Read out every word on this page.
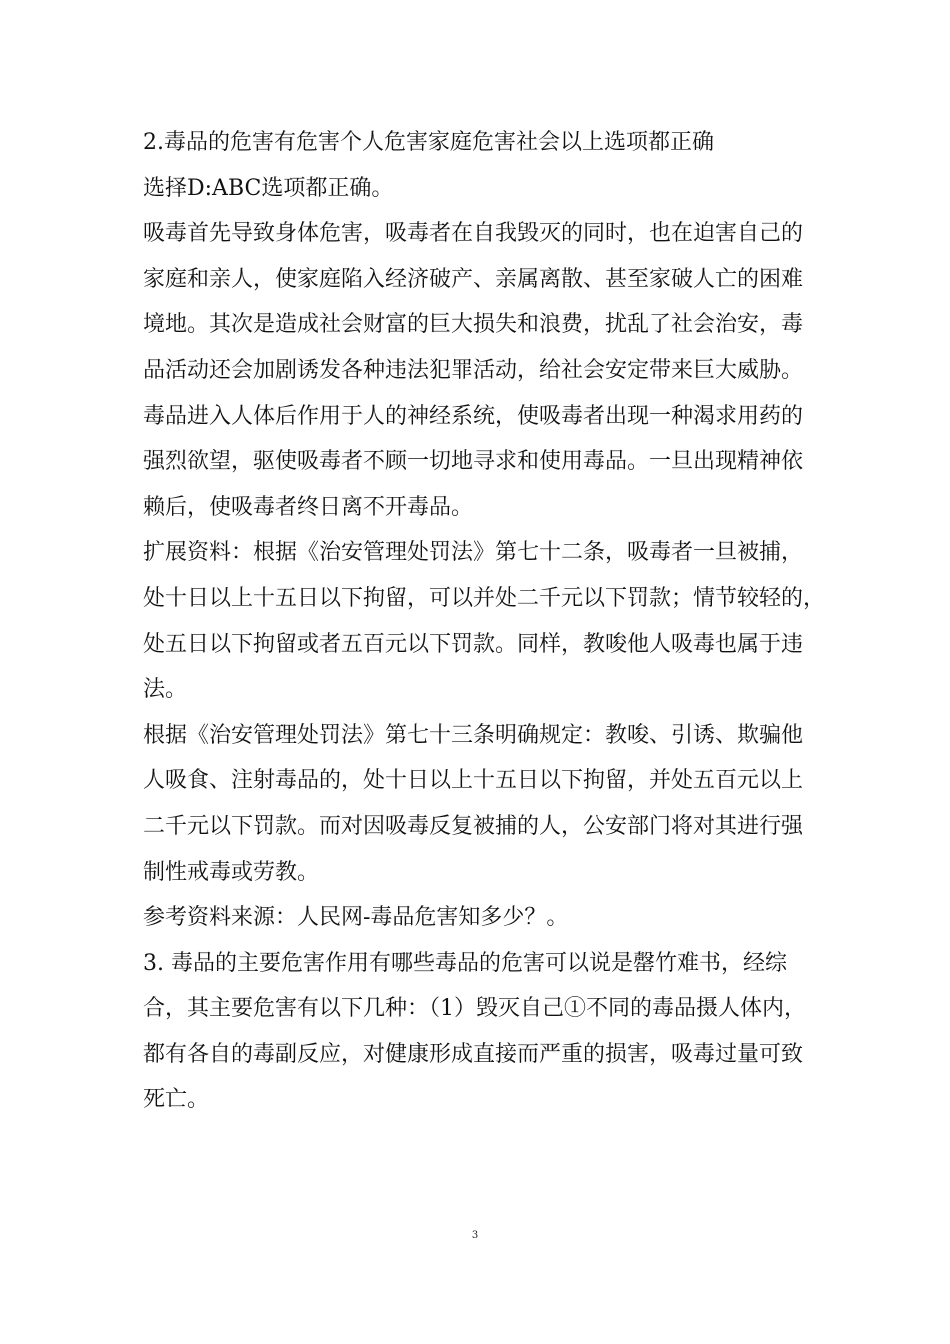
2.毒品的危害有危害个人危害家庭危害社会以上选项都正确
选择D:ABC选项都正确。
吸毒首先导致身体危害，吸毒者在自我毁灭的同时，也在迫害自己的
家庭和亲人，使家庭陷入经济破产、亲属离散、甚至家破人亡的困难
境地。其次是造成社会财富的巨大损失和浪费，扰乱了社会治安，毒
品活动还会加剧诱发各种违法犯罪活动，给社会安定带来巨大威胁。
毒品进入人体后作用于人的神经系统，使吸毒者出现一种渴求用药的
强烈欲望，驱使吸毒者不顾一切地寻求和使用毒品。一旦出现精神依
赖后，使吸毒者终日离不开毒品。
扩展资料：根据《治安管理处罚法》第七十二条，吸毒者一旦被捕，
处十日以上十五日以下拘留，可以并处二千元以下罚款；情节较轻的，
处五日以下拘留或者五百元以下罚款。同样，教唆他人吸毒也属于违
法。
根据《治安管理处罚法》第七十三条明确规定：教唆、引诱、欺骗他
人吸食、注射毒品的，处十日以上十五日以下拘留，并处五百元以上
二千元以下罚款。而对因吸毒反复被捕的人，公安部门将对其进行强
制性戒毒或劳教。
参考资料来源：人民网-毒品危害知多少？。
3. 毒品的主要危害作用有哪些毒品的危害可以说是罄竹难书，经综
合，其主要危害有以下几种：（1）毁灭自己①不同的毒品摄人体内，
都有各自的毒副反应，对健康形成直接而严重的损害，吸毒过量可致
死亡。
3
